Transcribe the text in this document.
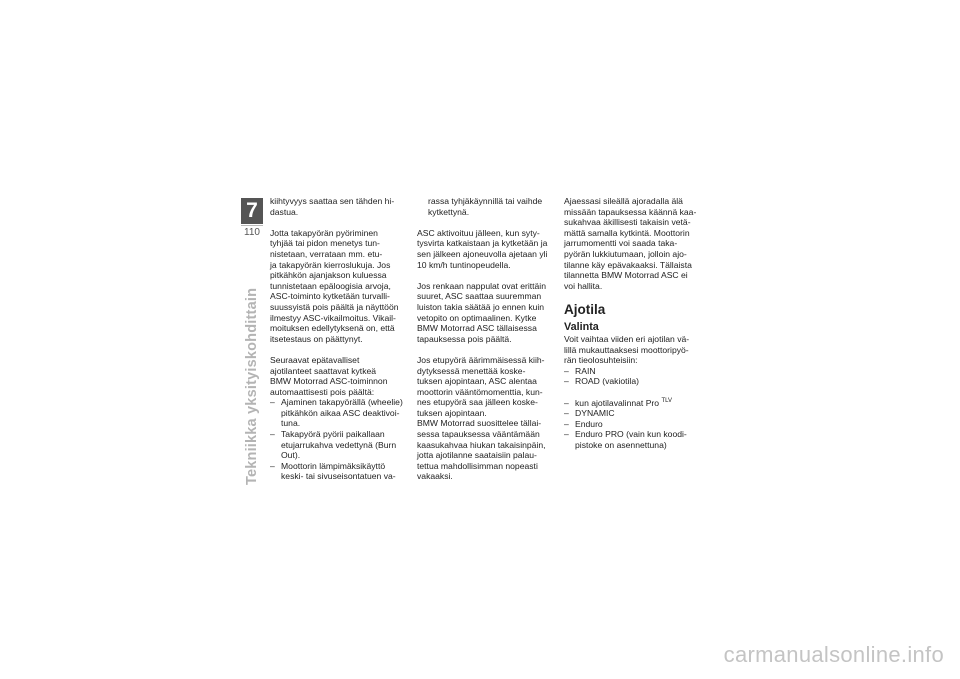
7
110
Tekniikka yksityiskohdittain

kiihtyvyys saattaa sen tähden hi-
dastua.

Jotta takapyörän pyöriminen
tyhjää tai pidon menetys tun-
nistetaan, verrataan mm. etu-
ja takapyörän kierroslukuja. Jos
pitkähkön ajanjakson kuluessa
tunnistetaan epäloogisia arvoja,
ASC-toiminto kytketään turvalli-
suussyistä pois päältä ja näyttöön
ilmestyy ASC-vikailmoitus. Vikail-
moituksen edellytyksenä on, että
itsetestaus on päättynyt.

Seuraavat epätavalliset
ajotilanteet saattavat kytkeä
BMW Motorrad ASC-toiminnon
automaattisesti pois päältä:

– Ajaminen takapyörällä (wheelie)
pitkähkön aikaa ASC deaktivoi-
tuna.
– Takapyörä pyörii paikallaan
etujarrukahva vedettynä (Burn
Out).
– Moottorin lämpimäksikäyttö
keski- tai sivuseisontatuen va-

rassa tyhjäkäynnillä tai vaihde
kytkettynä.

ASC aktivoituu jälleen, kun syty-
tysvirta katkaistaan ja kytketään ja
sen jälkeen ajoneuvolla ajetaan yli
10 km/h tuntinopeudella.

Jos renkaan nappulat ovat erittäin
suuret, ASC saattaa suuremman
luiston takia säätää jo ennen kuin
vetopito on optimaalinen. Kytke
BMW Motorrad ASC tällaisessa
tapauksessa pois päältä.

Jos etupyörä äärimmäisessä kiih-
dytyksessä menettää koske-
tuksen ajopintaan, ASC alentaa
moottorin vääntömomenttia, kun-
nes etupyörä saa jälleen koske-
tuksen ajopintaan.

BMW Motorrad suosittelee tällai-
sessa tapauksessa vääntämään
kaasukahvaa hiukan takaisinpäin,
jotta ajotilanne saataisiin palau-
tettua mahdollisimman nopeasti
vakaaksi.

Ajaessasi sileällä ajoradalla älä
missään tapauksessa käännä kaa-
sukahvaa äkillisesti takaisin vetä-
mättä samalla kytkintä. Moottorin
jarrumomentti voi saada taka-
pyörän lukkiutumaan, jolloin ajo-
tilanne käy epävakaaksi. Tällaista
tilannetta BMW Motorrad ASC ei
voi hallita.

Ajotila
Valinta

Voit vaihtaa viiden eri ajotilan vä-
lillä mukauttaaksesi moottoripyö-
rän tieolosuhteisiin:

– RAIN
– ROAD (vakiotila)
– kun ajotilavalinnat Pro $^{TLV}$
– DYNAMIC
– Enduro
– Enduro PRO (vain kun koodi-
pistoke on asennettuna)
carmanualsonline.info
